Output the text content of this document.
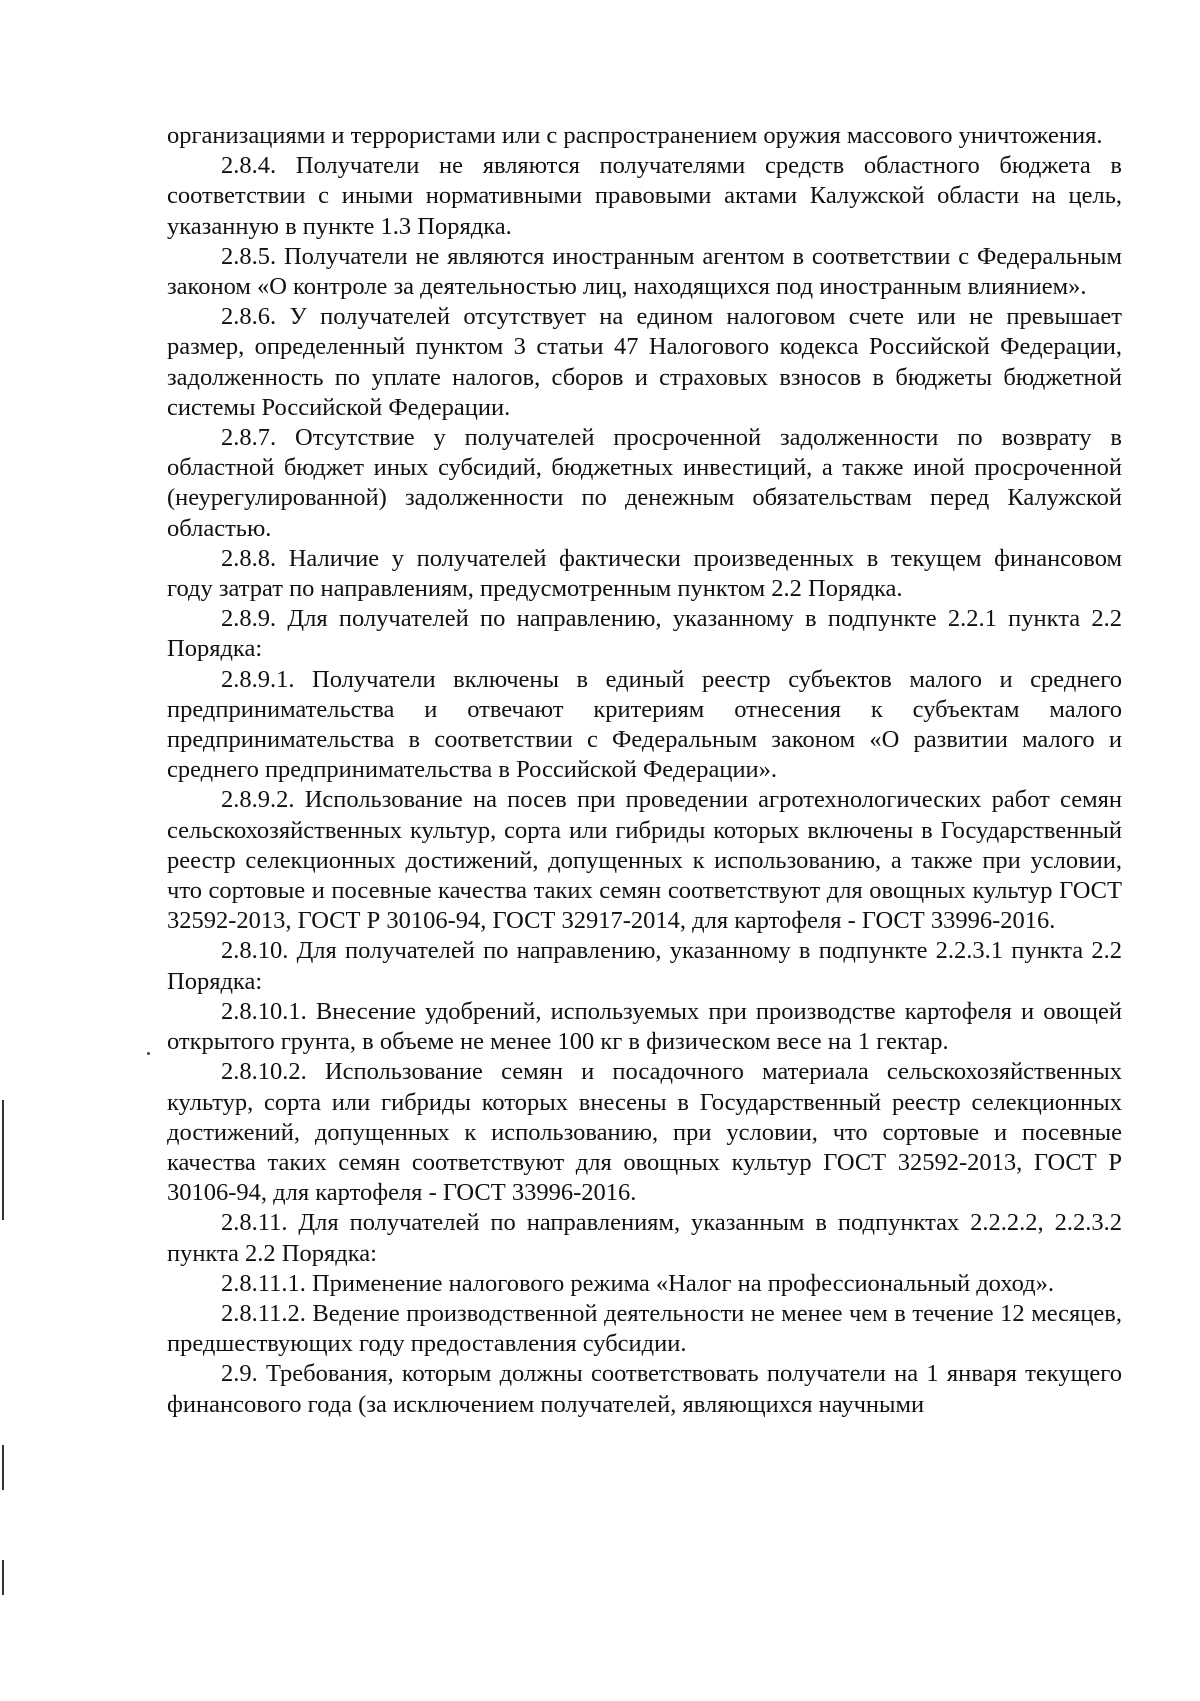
организациями и террористами или с распространением оружия массового уничтожения.

2.8.4. Получатели не являются получателями средств областного бюджета в соответствии с иными нормативными правовыми актами Калужской области на цель, указанную в пункте 1.3 Порядка.

2.8.5. Получатели не являются иностранным агентом в соответствии с Федеральным законом «О контроле за деятельностью лиц, находящихся под иностранным влиянием».

2.8.6. У получателей отсутствует на едином налоговом счете или не превышает размер, определенный пунктом 3 статьи 47 Налогового кодекса Российской Федерации, задолженность по уплате налогов, сборов и страховых взносов в бюджеты бюджетной системы Российской Федерации.

2.8.7. Отсутствие у получателей просроченной задолженности по возврату в областной бюджет иных субсидий, бюджетных инвестиций, а также иной просроченной (неурегулированной) задолженности по денежным обязательствам перед Калужской областью.

2.8.8. Наличие у получателей фактически произведенных в текущем финансовом году затрат по направлениям, предусмотренным пунктом 2.2 Порядка.

2.8.9. Для получателей по направлению, указанному в подпункте 2.2.1 пункта 2.2 Порядка:

2.8.9.1. Получатели включены в единый реестр субъектов малого и среднего предпринимательства и отвечают критериям отнесения к субъектам малого предпринимательства в соответствии с Федеральным законом «О развитии малого и среднего предпринимательства в Российской Федерации».

2.8.9.2. Использование на посев при проведении агротехнологических работ семян сельскохозяйственных культур, сорта или гибриды которых включены в Государственный реестр селекционных достижений, допущенных к использованию, а также при условии, что сортовые и посевные качества таких семян соответствуют для овощных культур ГОСТ 32592-2013, ГОСТ Р 30106-94, ГОСТ 32917-2014, для картофеля - ГОСТ 33996-2016.

2.8.10. Для получателей по направлению, указанному в подпункте 2.2.3.1 пункта 2.2 Порядка:

2.8.10.1. Внесение удобрений, используемых при производстве картофеля и овощей открытого грунта, в объеме не менее 100 кг в физическом весе на 1 гектар.

2.8.10.2. Использование семян и посадочного материала сельскохозяйственных культур, сорта или гибриды которых внесены в Государственный реестр селекционных достижений, допущенных к использованию, при условии, что сортовые и посевные качества таких семян соответствуют для овощных культур ГОСТ 32592-2013, ГОСТ Р 30106-94, для картофеля - ГОСТ 33996-2016.

2.8.11. Для получателей по направлениям, указанным в подпунктах 2.2.2.2, 2.2.3.2 пункта 2.2 Порядка:

2.8.11.1. Применение налогового режима «Налог на профессиональный доход».

2.8.11.2. Ведение производственной деятельности не менее чем в течение 12 месяцев, предшествующих году предоставления субсидии.

2.9. Требования, которым должны соответствовать получатели на 1 января текущего финансового года (за исключением получателей, являющихся научными
